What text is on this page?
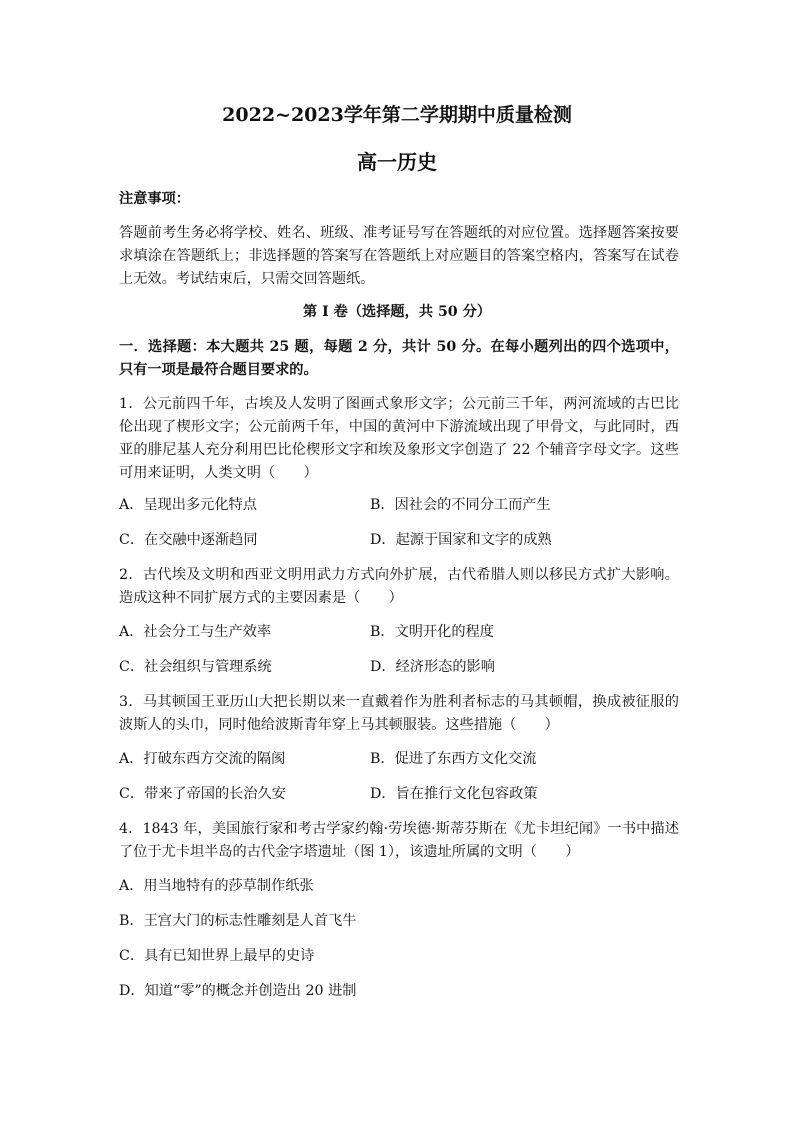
2022~2023学年第二学期期中质量检测
高一历史
注意事项：
答题前考生务必将学校、姓名、班级、准考证号写在答题纸的对应位置。选择题答案按要求填涂在答题纸上；非选择题的答案写在答题纸上对应题目的答案空格内，答案写在试卷上无效。考试结束后，只需交回答题纸。
第 I 卷（选择题，共 50 分）
一．选择题：本大题共 25 题，每题 2 分，共计 50 分。在每小题列出的四个选项中，只有一项是最符合题目要求的。
1．公元前四千年，古埃及人发明了图画式象形文字；公元前三千年，两河流域的古巴比伦出现了楔形文字；公元前两千年，中国的黄河中下游流域出现了甲骨文，与此同时，西亚的腓尼基人充分利用巴比伦楔形文字和埃及象形文字创造了 22 个辅音字母文字。这些可用来证明，人类文明（　　）
A．呈现出多元化特点	B．因社会的不同分工而产生
C．在交融中逐渐趋同	D．起源于国家和文字的成熟
2．古代埃及文明和西亚文明用武力方式向外扩展，古代希腊人则以移民方式扩大影响。造成这种不同扩展方式的主要因素是（　　）
A．社会分工与生产效率	B．文明开化的程度
C．社会组织与管理系统	D．经济形态的影响
3．马其顿国王亚历山大把长期以来一直戴着作为胜利者标志的马其顿帽，换成被征服的波斯人的头巾，同时他给波斯青年穿上马其顿服装。这些措施（　　）
A．打破东西方交流的隔阂	B．促进了东西方文化交流
C．带来了帝国的长治久安	D．旨在推行文化包容政策
4．1843 年，美国旅行家和考古学家约翰·劳埃德·斯蒂芬斯在《尤卡坦纪闻》一书中描述了位于尤卡坦半岛的古代金字塔遗址（图 1），该遗址所属的文明（　　）
A．用当地特有的莎草制作纸张
B．王宫大门的标志性雕刻是人首飞牛
C．具有已知世界上最早的史诗
D．知道“零”的概念并创造出 20 进制
